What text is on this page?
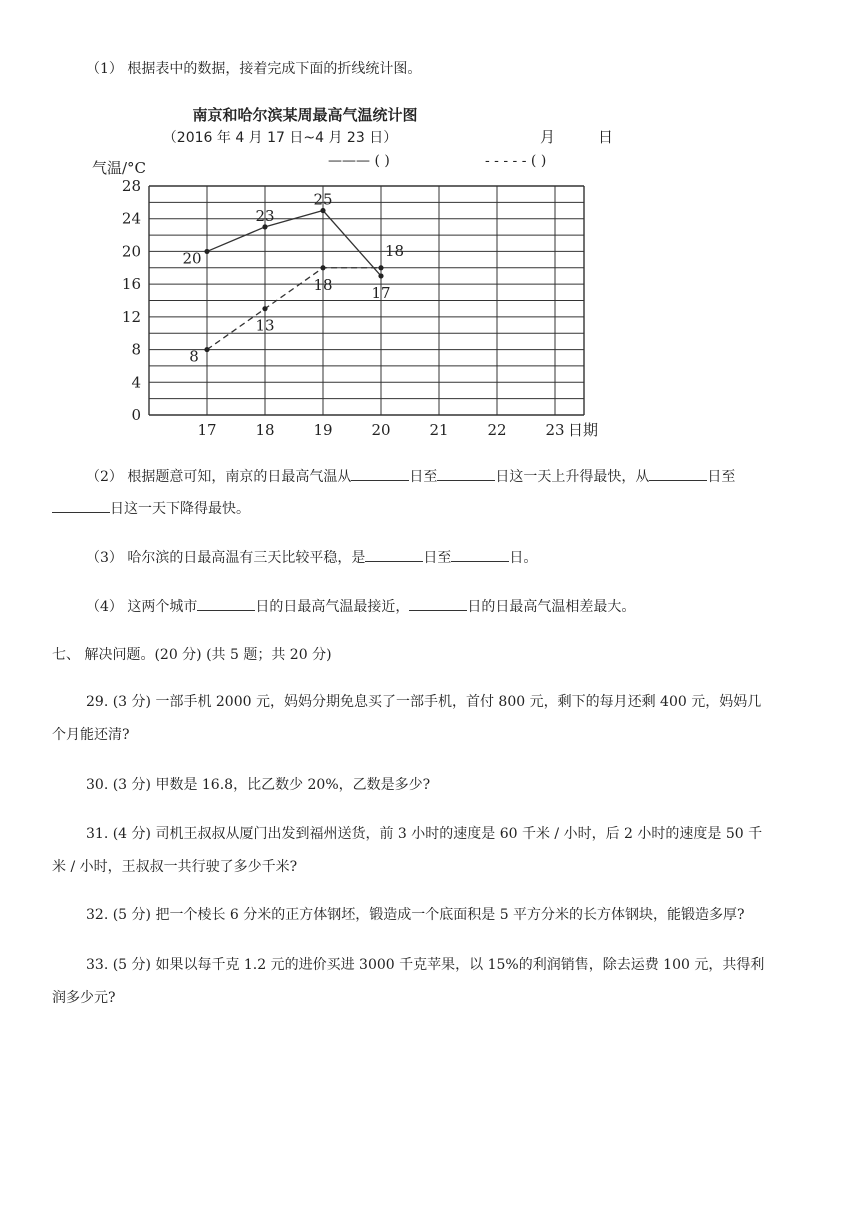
（1） 根据表中的数据，接着完成下面的折线统计图。
南京和哈尔滨某周最高气温统计图
（2016 年 4 月 17 日~4 月 23 日）	月	日
——— ( )	- - - - - ( )
气温/°C
日期
0
4
8
12
16
20
24
28
17	18	19	20	21	22	23
20
23
25
17
8
13
18
18
（2） 根据题意可知，南京的日最高气温从	日至	日这一天上升得最快，从	日至
日这一天下降得最快。
（3） 哈尔滨的日最高温有三天比较平稳，是	日至	日。
（4） 这两个城市	日的日最高气温最接近，	日的日最高气温相差最大。
七、 解决问题。(20 分) (共 5 题；共 20 分)
29. (3 分) 一部手机 2000 元，妈妈分期免息买了一部手机，首付 800 元，剩下的每月还剩 400 元，妈妈几
个月能还清?
30. (3 分) 甲数是 16.8，比乙数少 20%，乙数是多少?
31. (4 分) 司机王叔叔从厦门出发到福州送货，前 3 小时的速度是 60 千米 / 小时，后 2 小时的速度是 50 千
米 / 小时，王叔叔一共行驶了多少千米?
32. (5 分) 把一个棱长 6 分米的正方体钢坯，锻造成一个底面积是 5 平方分米的长方体钢块，能锻造多厚?
33. (5 分) 如果以每千克 1.2 元的进价买进 3000 千克苹果，以 15%的利润销售，除去运费 100 元，共得利
润多少元?
